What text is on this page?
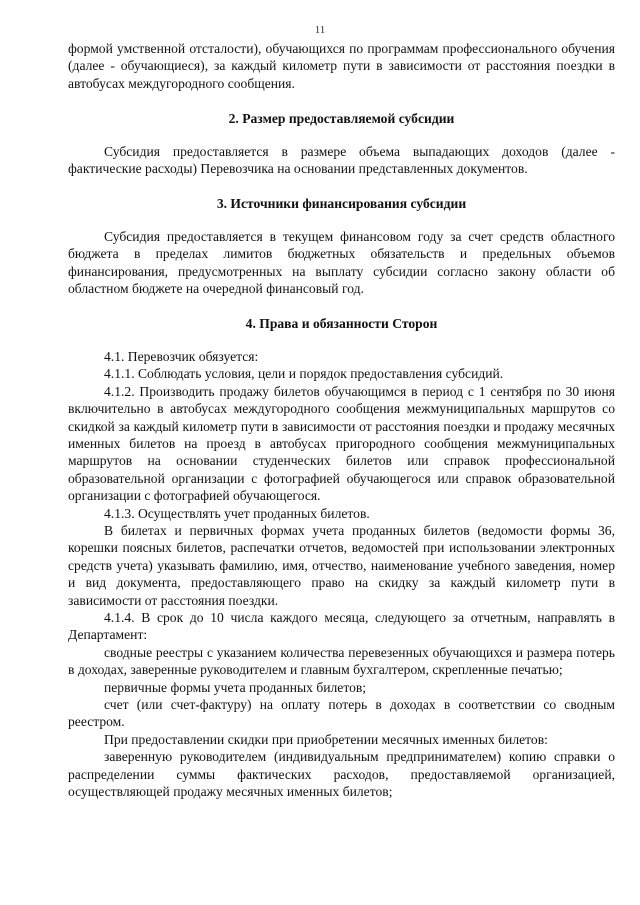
11

формой умственной отсталости), обучающихся по программам профессионального обучения (далее - обучающиеся), за каждый километр пути в зависимости от расстояния поездки в автобусах междугородного сообщения.

2. Размер предоставляемой субсидии

Субсидия предоставляется в размере объема выпадающих доходов (далее - фактические расходы) Перевозчика на основании представленных документов.

3. Источники финансирования субсидии

Субсидия предоставляется в текущем финансовом году за счет средств областного бюджета в пределах лимитов бюджетных обязательств и предельных объемов финансирования, предусмотренных на выплату субсидии согласно закону области об областном бюджете на очередной финансовый год.

4. Права и обязанности Сторон

4.1. Перевозчик обязуется:

4.1.1. Соблюдать условия, цели и порядок предоставления субсидий.

4.1.2. Производить продажу билетов обучающимся в период с 1 сентября по 30 июня включительно в автобусах междугородного сообщения межмуниципальных маршрутов со скидкой за каждый километр пути в зависимости от расстояния поездки и продажу месячных именных билетов на проезд в автобусах пригородного сообщения межмуниципальных маршрутов на основании студенческих билетов или справок профессиональной образовательной организации с фотографией обучающегося или справок образовательной организации с фотографией обучающегося.

4.1.3. Осуществлять учет проданных билетов.

В билетах и первичных формах учета проданных билетов (ведомости формы 36, корешки поясных билетов, распечатки отчетов, ведомостей при использовании электронных средств учета) указывать фамилию, имя, отчество, наименование учебного заведения, номер и вид документа, предоставляющего право на скидку за каждый километр пути в зависимости от расстояния поездки.

4.1.4. В срок до 10 числа каждого месяца, следующего за отчетным, направлять в Департамент:

сводные реестры с указанием количества перевезенных обучающихся и размера потерь в доходах, заверенные руководителем и главным бухгалтером, скрепленные печатью;

первичные формы учета проданных билетов;

счет (или счет-фактуру) на оплату потерь в доходах в соответствии со сводным реестром.

При предоставлении скидки при приобретении месячных именных билетов:

заверенную руководителем (индивидуальным предпринимателем) копию справки о распределении суммы фактических расходов, предоставляемой организацией, осуществляющей продажу месячных именных билетов;
